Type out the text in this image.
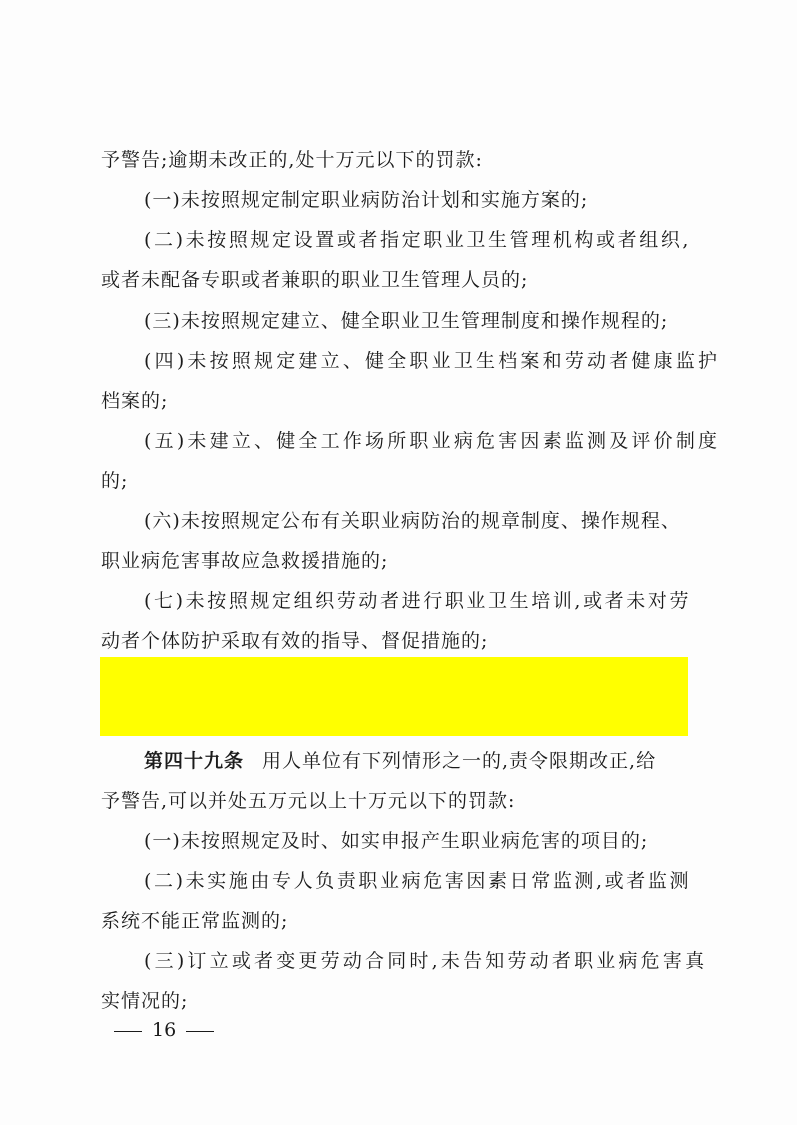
予警告;逾期未改正的,处十万元以下的罚款:
(一)未按照规定制定职业病防治计划和实施方案的;
(二)未按照规定设置或者指定职业卫生管理机构或者组织,
或者未配备专职或者兼职的职业卫生管理人员的;
(三)未按照规定建立、健全职业卫生管理制度和操作规程的;
(四)未按照规定建立、健全职业卫生档案和劳动者健康监护
档案的;
(五)未建立、健全工作场所职业病危害因素监测及评价制度
的;
(六)未按照规定公布有关职业病防治的规章制度、操作规程、
职业病危害事故应急救援措施的;
(七)未按照规定组织劳动者进行职业卫生培训,或者未对劳
动者个体防护采取有效的指导、督促措施的;
第四十九条 用人单位有下列情形之一的,责令限期改正,给
予警告,可以并处五万元以上十万元以下的罚款:
(一)未按照规定及时、如实申报产生职业病危害的项目的;
(二)未实施由专人负责职业病危害因素日常监测,或者监测
系统不能正常监测的;
(三)订立或者变更劳动合同时,未告知劳动者职业病危害真
实情况的;
16
